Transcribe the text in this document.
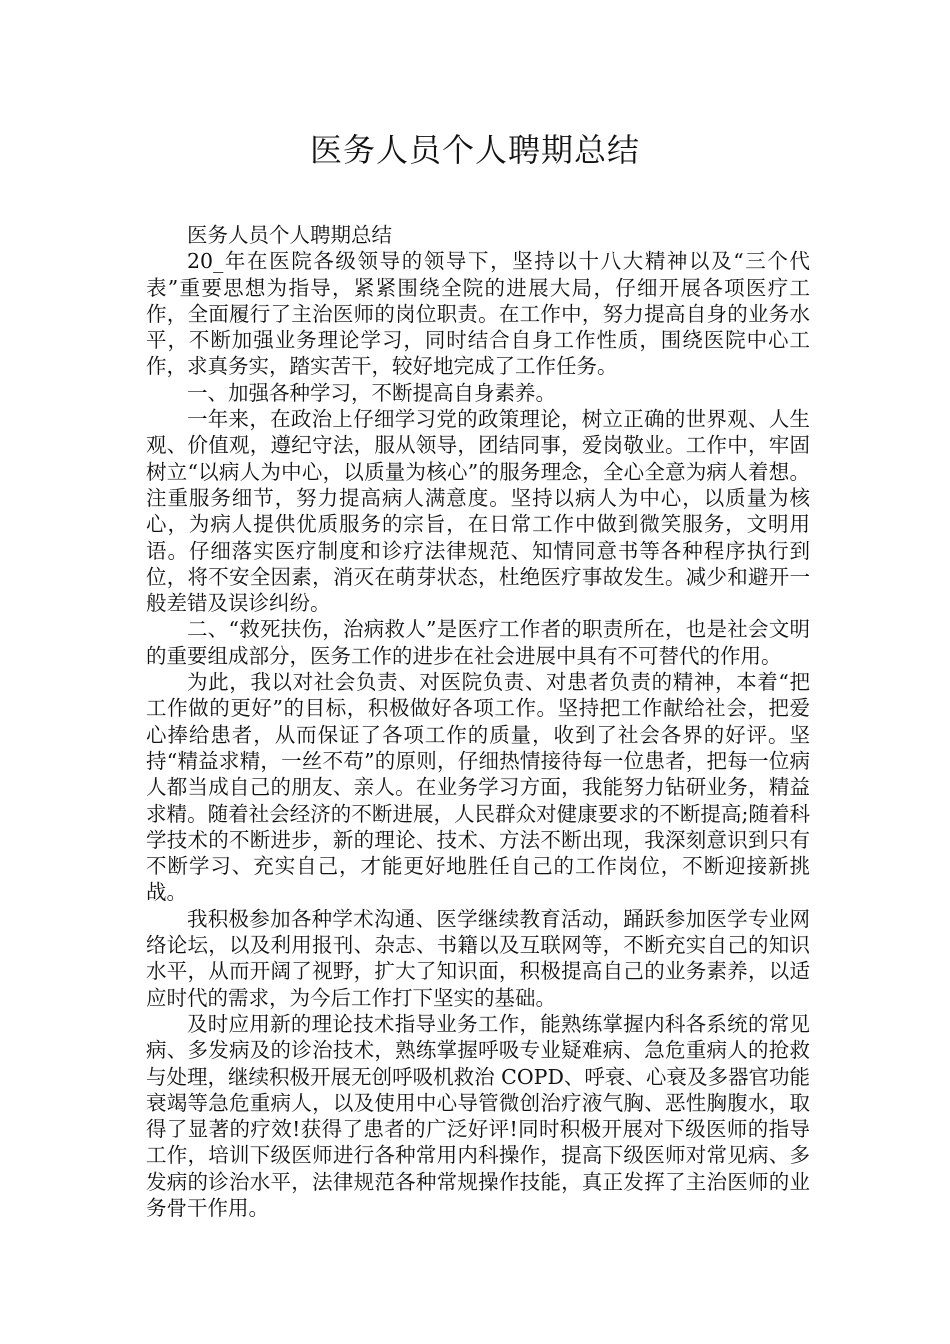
医务人员个人聘期总结

医务人员个人聘期总结

20_年在医院各级领导的领导下，坚持以十八大精神以及“三个代表”重要思想为指导，紧紧围绕全院的进展大局，仔细开展各项医疗工作，全面履行了主治医师的岗位职责。在工作中，努力提高自身的业务水平，不断加强业务理论学习，同时结合自身工作性质，围绕医院中心工作，求真务实，踏实苦干，较好地完成了工作任务。

一、加强各种学习，不断提高自身素养。

一年来，在政治上仔细学习党的政策理论，树立正确的世界观、人生观、价值观，遵纪守法，服从领导，团结同事，爱岗敬业。工作中，牢固树立“以病人为中心，以质量为核心”的服务理念，全心全意为病人着想。注重服务细节，努力提高病人满意度。坚持以病人为中心，以质量为核心，为病人提供优质服务的宗旨，在日常工作中做到微笑服务，文明用语。仔细落实医疗制度和诊疗法律规范、知情同意书等各种程序执行到位，将不安全因素，消灭在萌芽状态，杜绝医疗事故发生。减少和避开一般差错及误诊纠纷。

二、“救死扶伤，治病救人”是医疗工作者的职责所在，也是社会文明的重要组成部分，医务工作的进步在社会进展中具有不可替代的作用。

为此，我以对社会负责、对医院负责、对患者负责的精神，本着“把工作做的更好”的目标，积极做好各项工作。坚持把工作献给社会，把爱心捧给患者，从而保证了各项工作的质量，收到了社会各界的好评。坚持“精益求精，一丝不苟”的原则，仔细热情接待每一位患者，把每一位病人都当成自己的朋友、亲人。在业务学习方面，我能努力钻研业务，精益求精。随着社会经济的不断进展，人民群众对健康要求的不断提高;随着科学技术的不断进步，新的理论、技术、方法不断出现，我深刻意识到只有不断学习、充实自己，才能更好地胜任自己的工作岗位，不断迎接新挑战。

我积极参加各种学术沟通、医学继续教育活动，踊跃参加医学专业网络论坛，以及利用报刊、杂志、书籍以及互联网等，不断充实自己的知识水平，从而开阔了视野，扩大了知识面，积极提高自己的业务素养，以适应时代的需求，为今后工作打下坚实的基础。

及时应用新的理论技术指导业务工作，能熟练掌握内科各系统的常见病、多发病及的诊治技术，熟练掌握呼吸专业疑难病、急危重病人的抢救与处理，继续积极开展无创呼吸机救治 COPD、呼衰、心衰及多器官功能衰竭等急危重病人，以及使用中心导管微创治疗液气胸、恶性胸腹水，取得了显著的疗效!获得了患者的广泛好评!同时积极开展对下级医师的指导工作，培训下级医师进行各种常用内科操作，提高下级医师对常见病、多发病的诊治水平，法律规范各种常规操作技能，真正发挥了主治医师的业务骨干作用。
